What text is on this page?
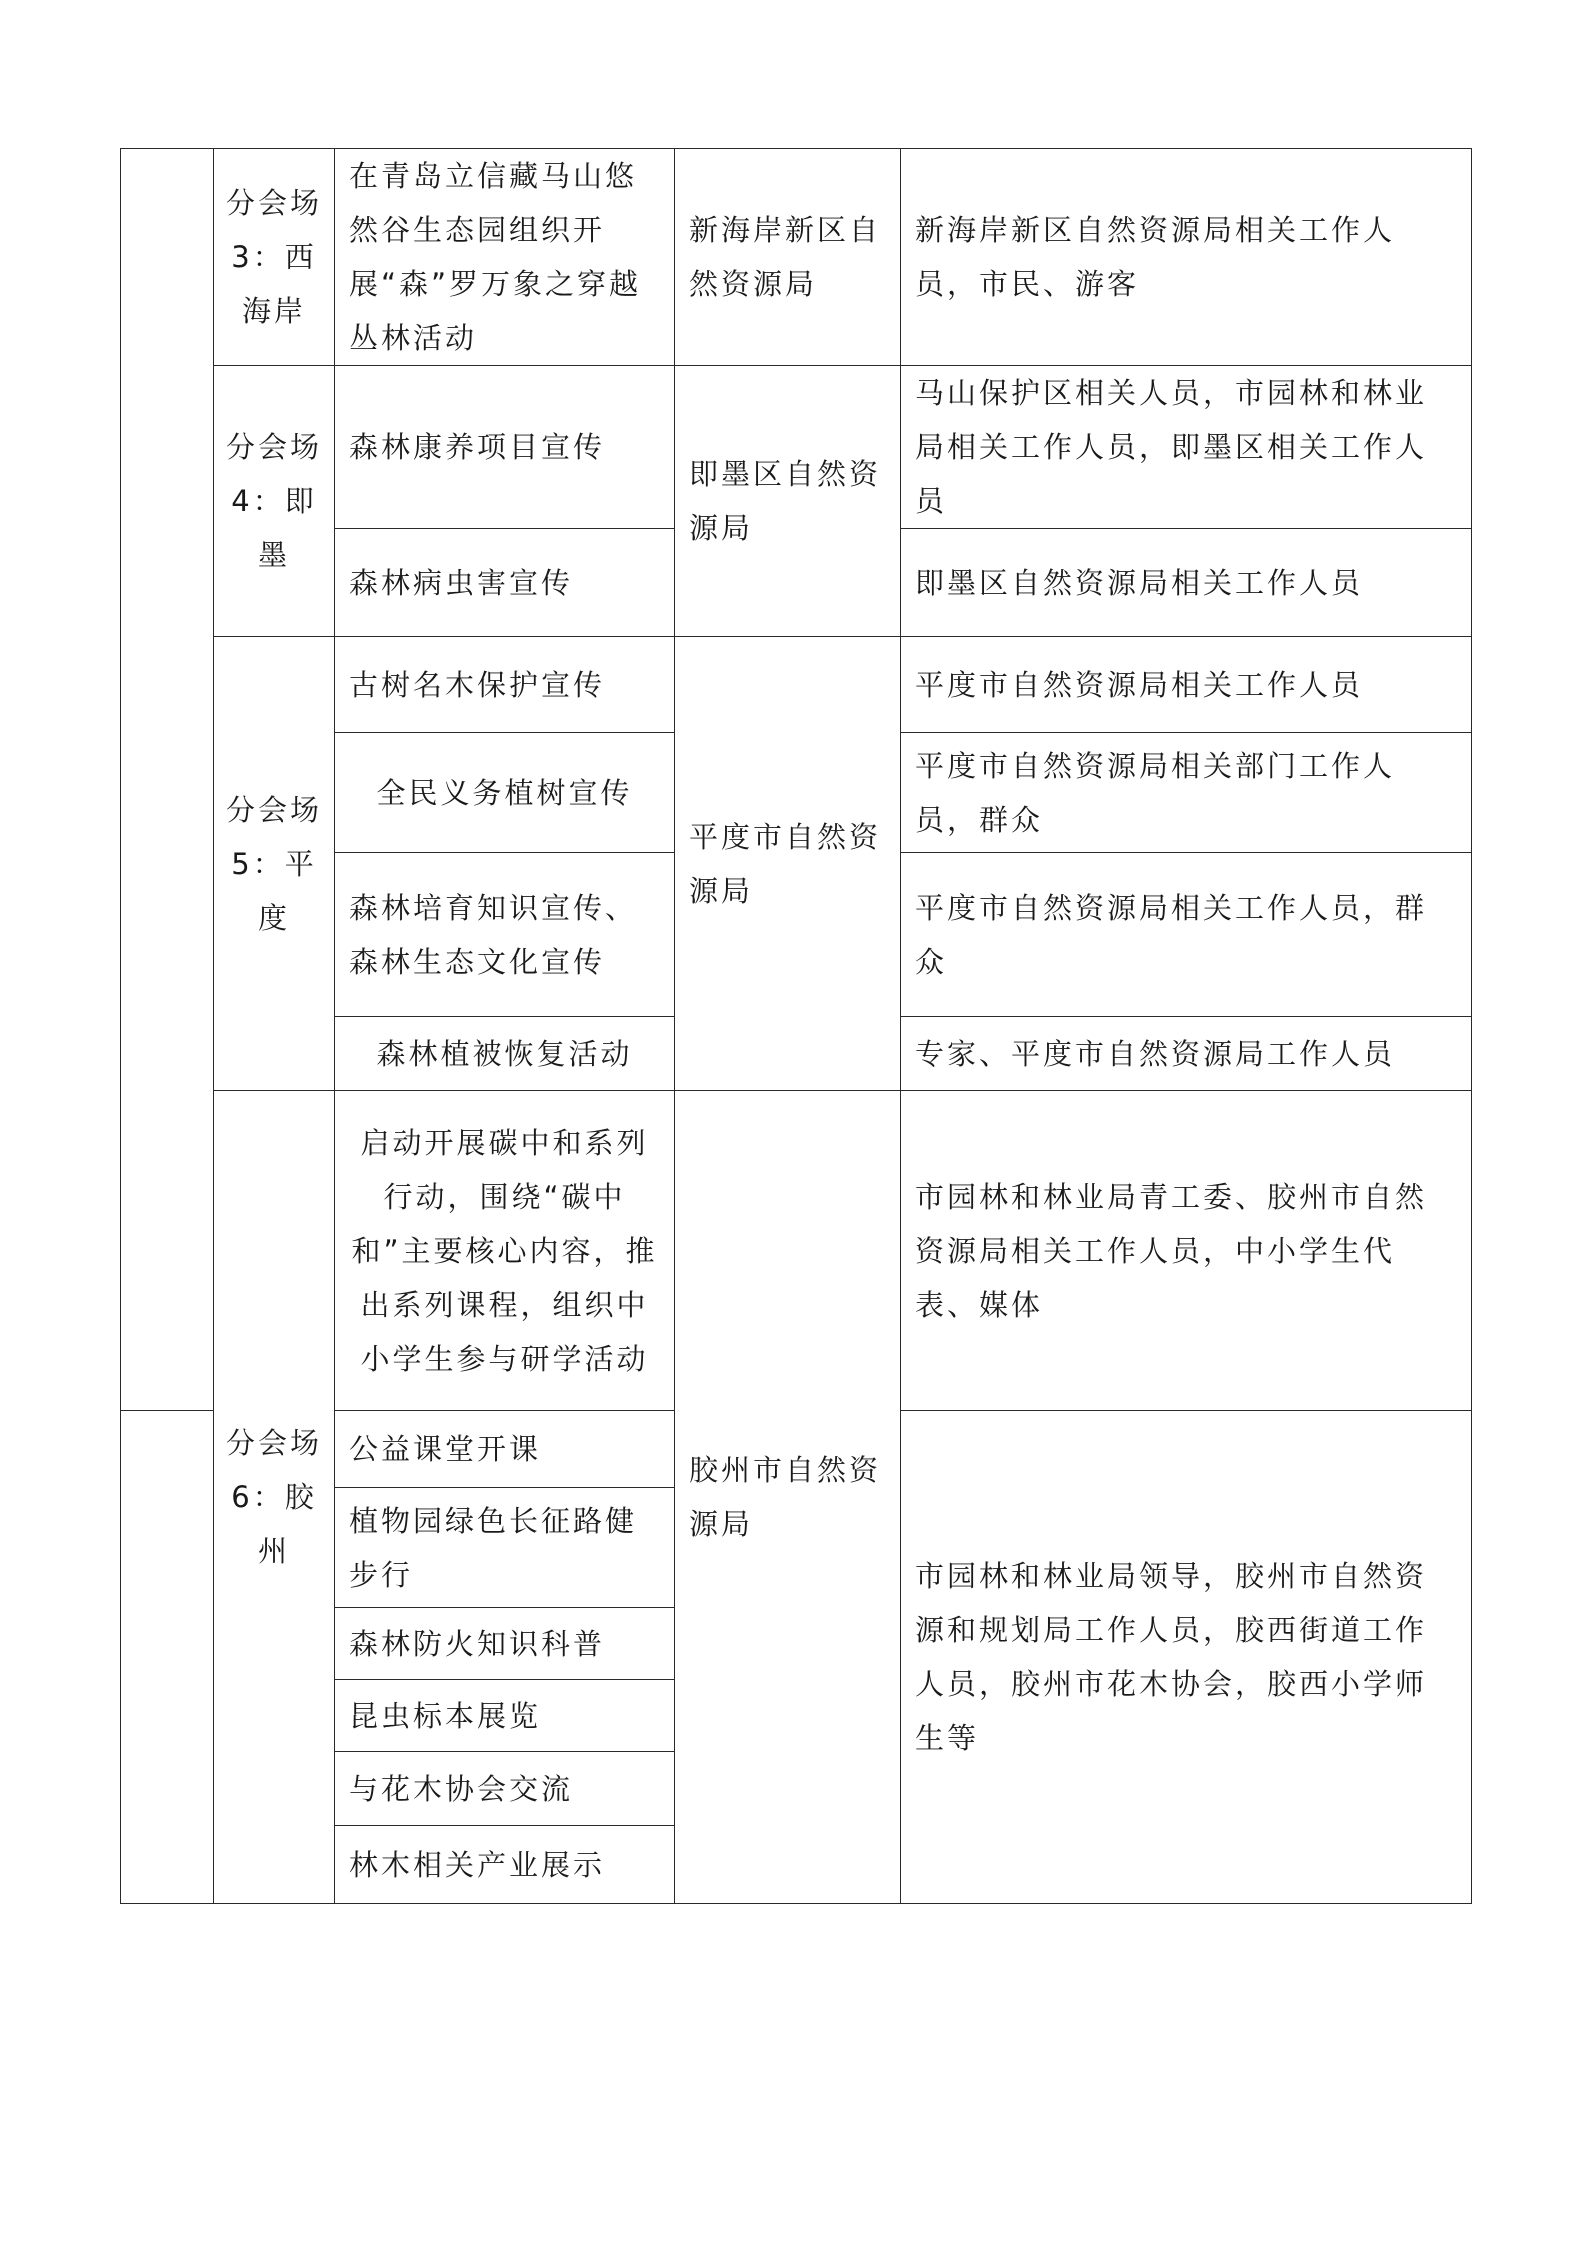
	分会场3：西海岸	在青岛立信藏马山悠然谷生态园组织开展“森”罗万象之穿越丛林活动	新海岸新区自然资源局	新海岸新区自然资源局相关工作人员，市民、游客
	分会场4：即墨	森林康养项目宣传	即墨区自然资源局	马山保护区相关人员，市园林和林业局相关工作人员，即墨区相关工作人员
		森林病虫害宣传		即墨区自然资源局相关工作人员
	分会场5：平度	古树名木保护宣传	平度市自然资源局	平度市自然资源局相关工作人员
		全民义务植树宣传		平度市自然资源局相关部门工作人员，群众
		森林培育知识宣传、森林生态文化宣传		平度市自然资源局相关工作人员，群众
		森林植被恢复活动		专家、平度市自然资源局工作人员
	分会场6：胶州	启动开展碳中和系列行动，围绕“碳中和”主要核心内容，推出系列课程，组织中小学生参与研学活动	胶州市自然资源局	市园林和林业局青工委、胶州市自然资源局相关工作人员，中小学生代表、媒体
		公益课堂开课		市园林和林业局领导，胶州市自然资源和规划局工作人员，胶西街道工作人员，胶州市花木协会，胶西小学师生等
		植物园绿色长征路健步行		
		森林防火知识科普		
		昆虫标本展览		
		与花木协会交流		
		林木相关产业展示		
